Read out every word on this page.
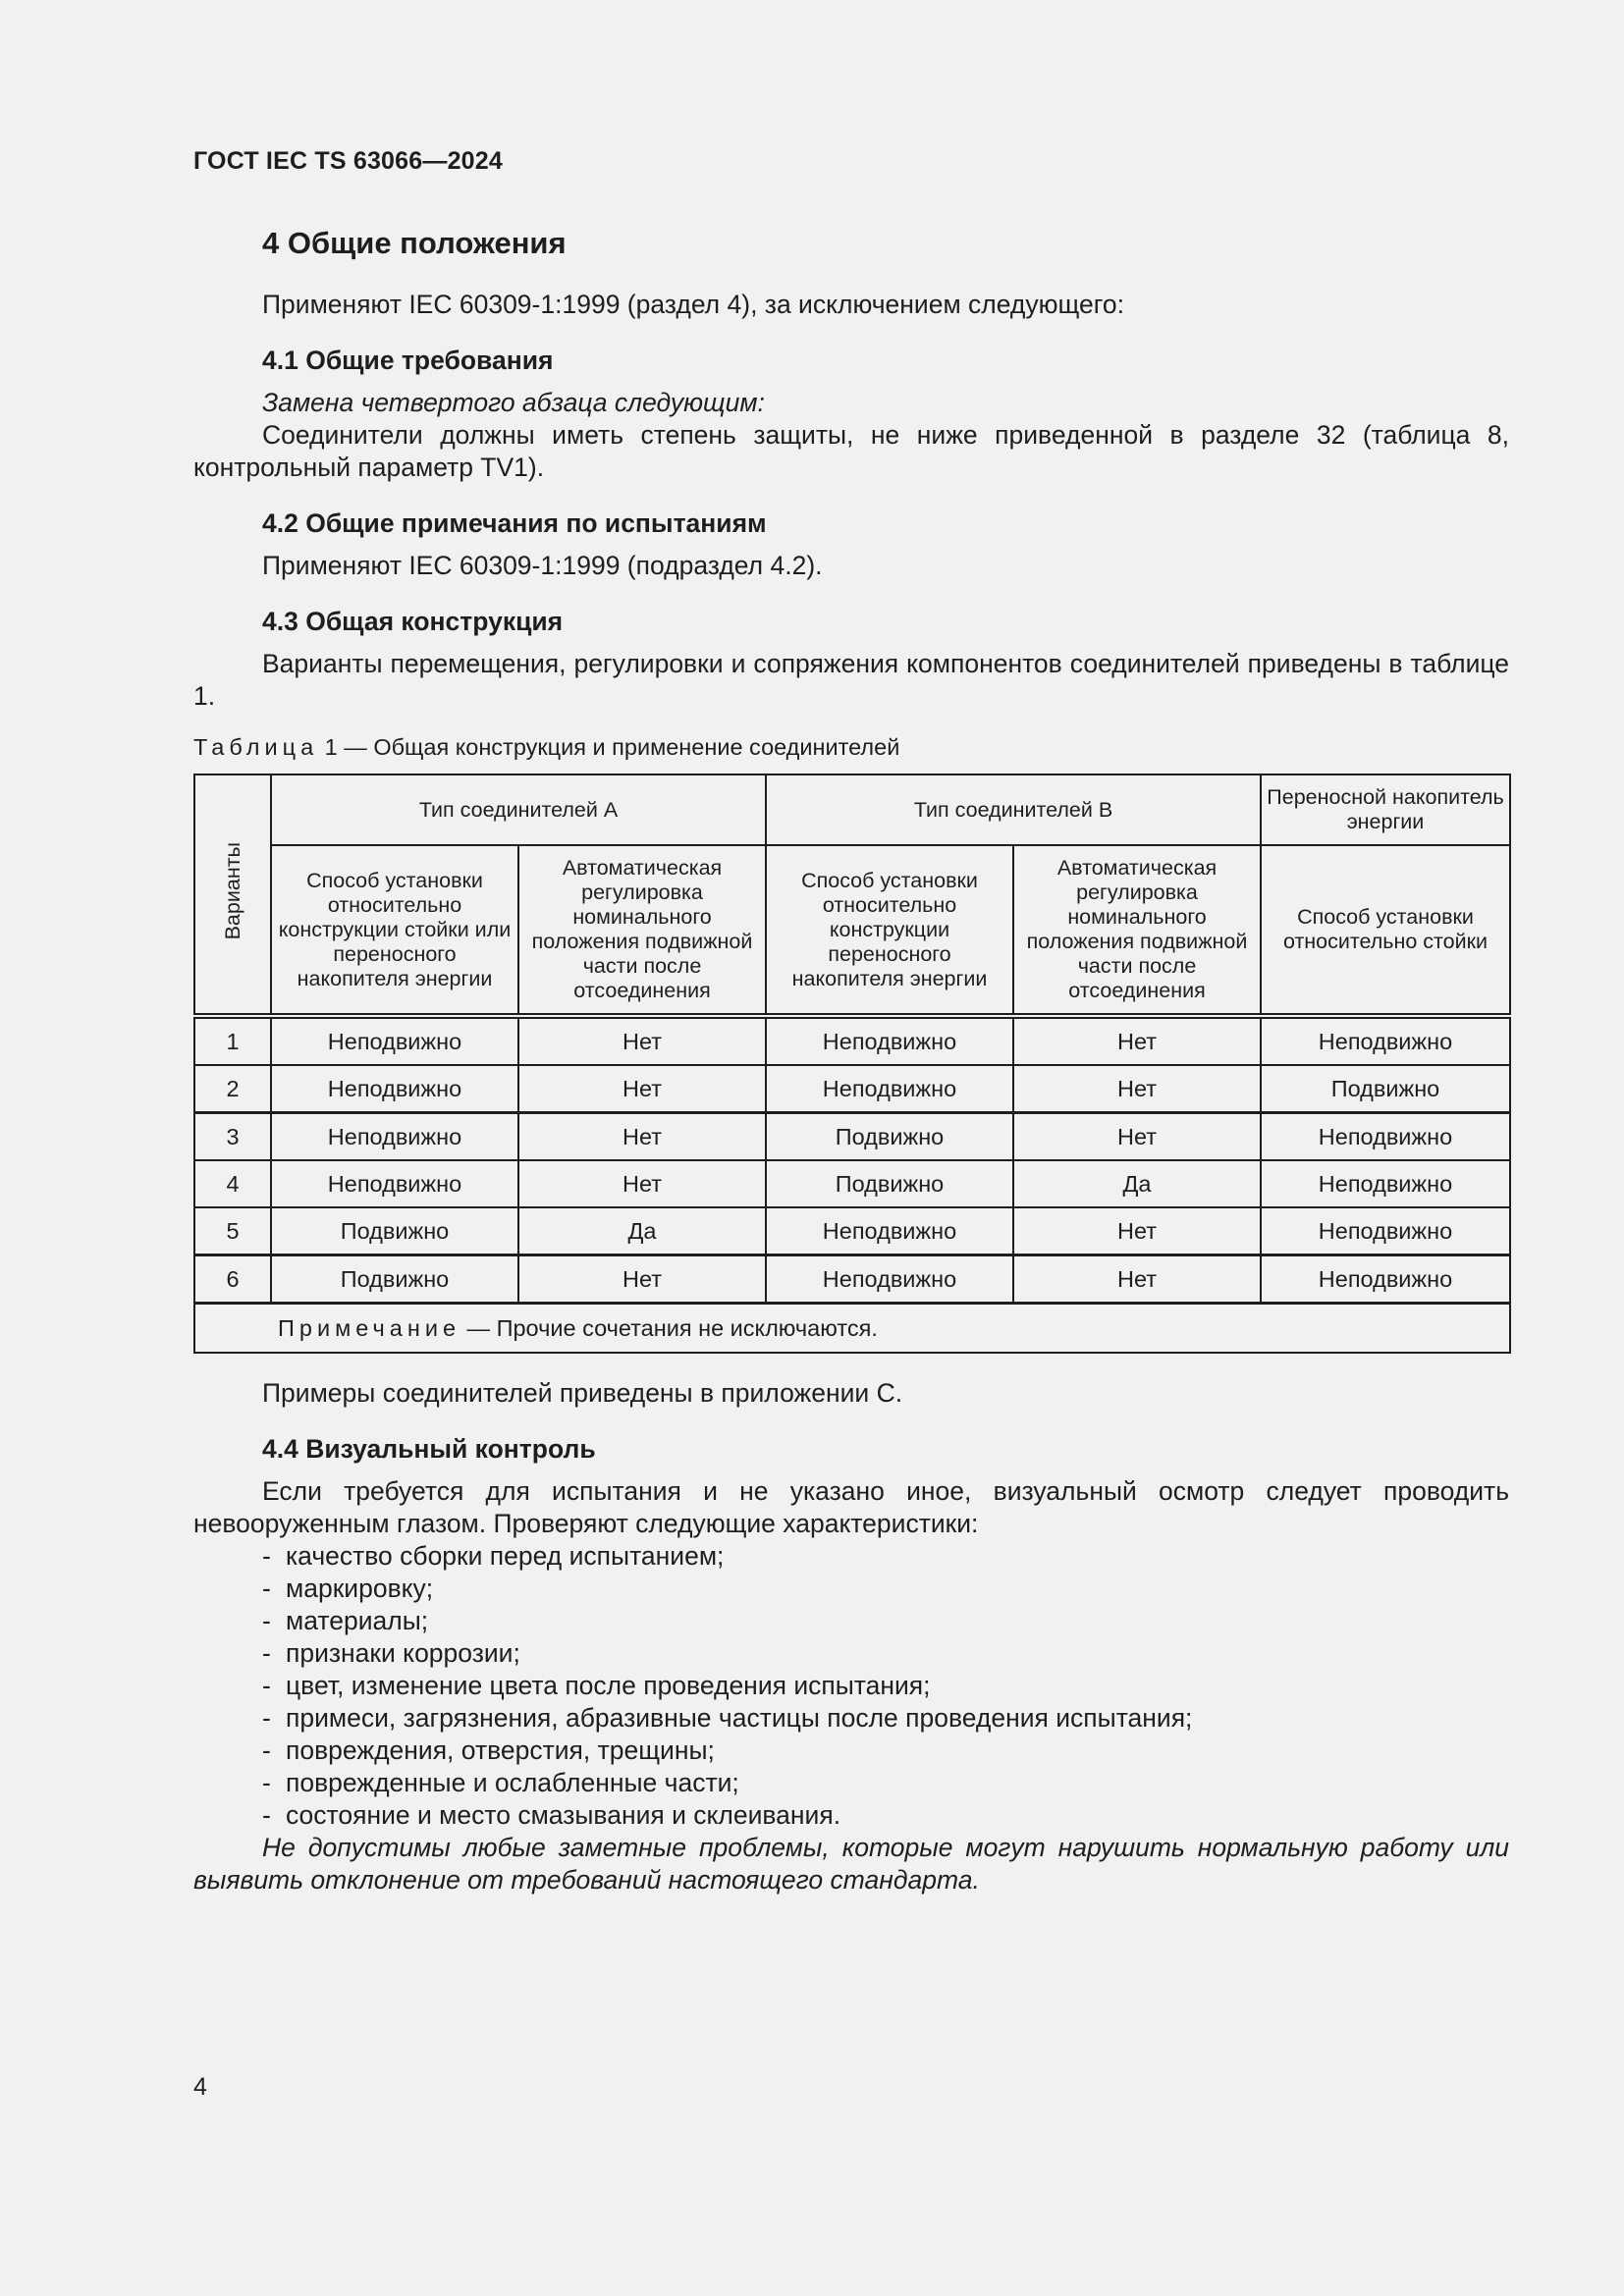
ГОСТ IEC TS 63066—2024
4 Общие положения

Применяют IEC 60309-1:1999 (раздел 4), за исключением следующего:

4.1 Общие требования

Замена четвертого абзаца следующим:

Соединители должны иметь степень защиты, не ниже приведенной в разделе 32 (таблица 8, контрольный параметр TV1).

4.2 Общие примечания по испытаниям

Применяют IEC 60309-1:1999 (подраздел 4.2).

4.3 Общая конструкция

Варианты перемещения, регулировки и сопряжения компонентов соединителей приведены в таблице 1.

Таблица 1 — Общая конструкция и применение соединителей
Варианты	Тип соединителей A		Тип соединителей B		Переносной накопитель энергии
	Способ установки относительно конструкции стойки или переносного накопителя энергии	Автоматическая регулировка номинального положения подвижной части после отсоединения	Способ установки относительно конструкции переносного накопителя энергии	Автоматическая регулировка номинального положения подвижной части после отсоединения	Способ установки относительно стойки
1	Неподвижно	Нет	Неподвижно	Нет	Неподвижно
2	Неподвижно	Нет	Неподвижно	Нет	Подвижно
3	Неподвижно	Нет	Подвижно	Нет	Неподвижно
4	Неподвижно	Нет	Подвижно	Да	Неподвижно
5	Подвижно	Да	Неподвижно	Нет	Неподвижно
6	Подвижно	Нет	Неподвижно	Нет	Неподвижно
Примечание — Прочие сочетания не исключаются.					

Примеры соединителей приведены в приложении С.

4.4 Визуальный контроль

Если требуется для испытания и не указано иное, визуальный осмотр следует проводить невооруженным глазом. Проверяют следующие характеристики:

- качество сборки перед испытанием;
- маркировку;
- материалы;
- признаки коррозии;
- цвет, изменение цвета после проведения испытания;
- примеси, загрязнения, абразивные частицы после проведения испытания;
- повреждения, отверстия, трещины;
- поврежденные и ослабленные части;
- состояние и место смазывания и склеивания.

Не допустимы любые заметные проблемы, которые могут нарушить нормальную работу или выявить отклонение от требований настоящего стандарта.

4
